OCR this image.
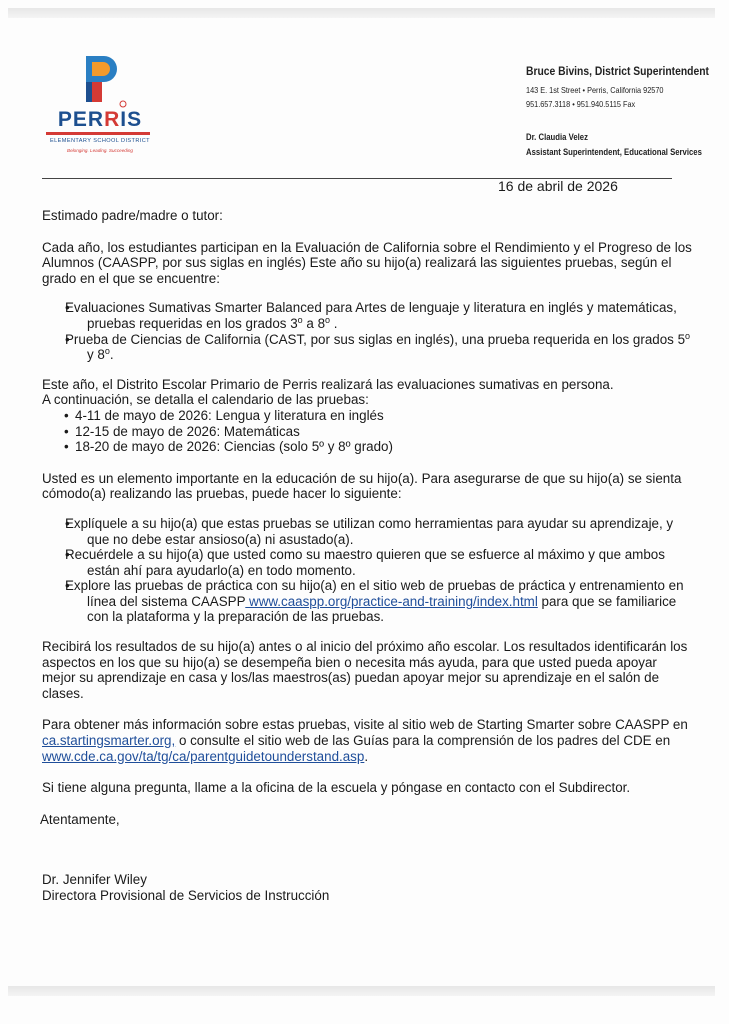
PERRIS
ELEMENTARY SCHOOL DISTRICT
Belonging. Leading. Succeeding
Bruce Bivins, District Superintendent
143 E. 1st Street • Perris, California 92570
951.657.3118 • 951.940.5115 Fax
Dr. Claudia Velez
Assistant Superintendent, Educational Services
16 de abril de 2026

Estimado padre/madre o tutor:

Cada año, los estudiantes participan en la Evaluación de California sobre el Rendimiento y el Progreso de los Alumnos (CAASPP, por sus siglas en inglés) Este año su hijo(a) realizará las siguientes pruebas, según el grado en el que se encuentre:

• Evaluaciones Sumativas Smarter Balanced para Artes de lenguaje y literatura en inglés y matemáticas, pruebas requeridas en los grados 3$^o$ a 8$^o$ .
• Prueba de Ciencias de California (CAST, por sus siglas en inglés), una prueba requerida en los grados 5$^o$ y 8$^o$.

Este año, el Distrito Escolar Primario de Perris realizará las evaluaciones sumativas en persona.

A continuación, se detalla el calendario de las pruebas:

• 4-11 de mayo de 2026: Lengua y literatura en inglés
• 12-15 de mayo de 2026: Matemáticas
• 18-20 de mayo de 2026: Ciencias (solo 5º y 8º grado)

Usted es un elemento importante en la educación de su hijo(a). Para asegurarse de que su hijo(a) se sienta cómodo(a) realizando las pruebas, puede hacer lo siguiente:

• Explíquele a su hijo(a) que estas pruebas se utilizan como herramientas para ayudar su aprendizaje, y que no debe estar ansioso(a) ni asustado(a).
• Recuérdele a su hijo(a) que usted como su maestro quieren que se esfuerce al máximo y que ambos están ahí para ayudarlo(a) en todo momento.
• Explore las pruebas de práctica con su hijo(a) en el sitio web de pruebas de práctica y entrenamiento en línea del sistema CAASPP www.caaspp.org/practice-and-training/index.html para que se familiarice con la plataforma y la preparación de las pruebas.

Recibirá los resultados de su hijo(a) antes o al inicio del próximo año escolar. Los resultados identificarán los aspectos en los que su hijo(a) se desempeña bien o necesita más ayuda, para que usted pueda apoyar mejor su aprendizaje en casa y los/las maestros(as) puedan apoyar mejor su aprendizaje en el salón de clases.

Para obtener más información sobre estas pruebas, visite al sitio web de Starting Smarter sobre CAASPP en ca.startingsmarter.org, o consulte el sitio web de las Guías para la comprensión de los padres del CDE en www.cde.ca.gov/ta/tg/ca/parentguidetounderstand.asp.

Si tiene alguna pregunta, llame a la oficina de la escuela y póngase en contacto con el Subdirector.

Atentamente,

Dr. Jennifer Wiley

Directora Provisional de Servicios de Instrucción
